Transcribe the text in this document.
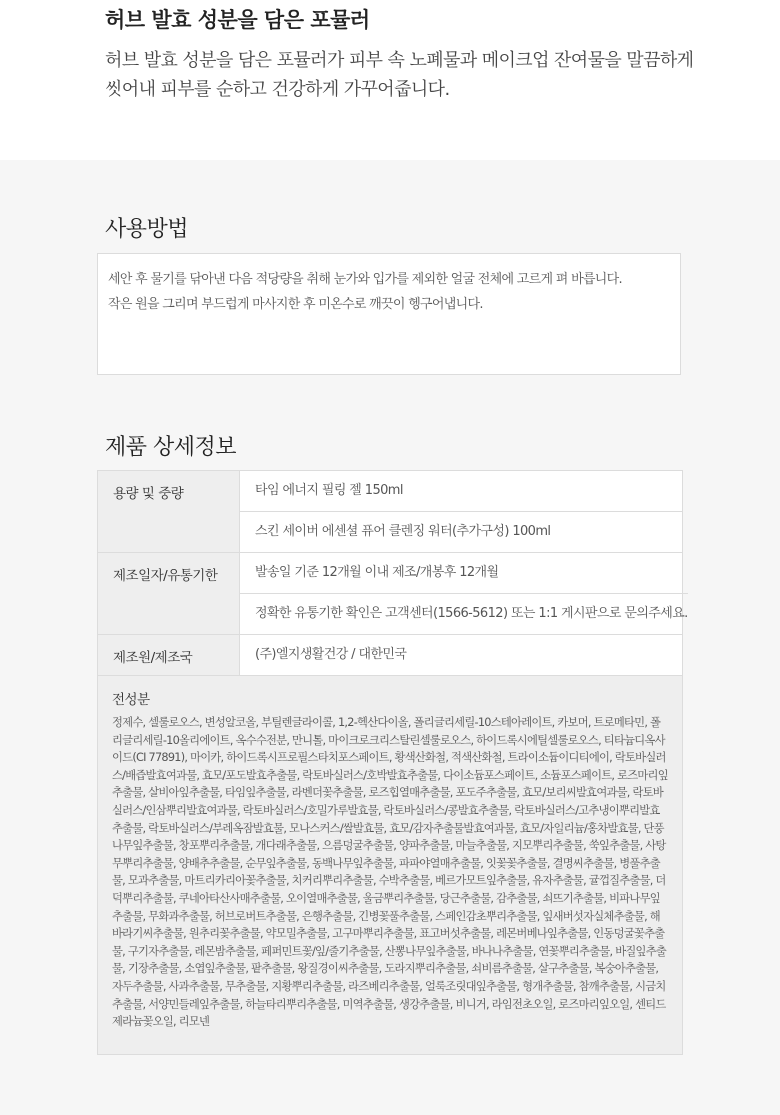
허브 발효 성분을 담은 포뮬러

허브 발효 성분을 담은 포뮬러가 피부 속 노폐물과 메이크업 잔여물을 말끔하게 씻어내 피부를 순하고 건강하게 가꾸어줍니다.

사용방법

세안 후 물기를 닦아낸 다음 적당량을 취해 눈가와 입가를 제외한 얼굴 전체에 고르게 펴 바릅니다.

작은 원을 그리며 부드럽게 마사지한 후 미온수로 깨끗이 헹구어냅니다.

제품 상세정보
용량 및 중량	타임 에너지 필링 젤 150ml
스킨 세이버 에센셜 퓨어 클렌징 워터(추가구성) 100ml
제조일자/유통기한	발송일 기준 12개월 이내 제조/개봉후 12개월
정확한 유통기한 확인은 고객센터(1566-5612) 또는 1:1 게시판으로 문의주세요.
제조원/제조국	(주)엘지생활건강 / 대한민국
전성분
정제수, 셀룰로오스, 변성알코올, 부틸렌글라이콜, 1,2-헥산다이올, 폴리글리세릴-10스테아레이트, 카보머, 트로메타민, 폴리글리세릴-10올리에이트, 옥수수전분, 만니톨, 마이크로크리스탈린셀룰로오스, 하이드록시에틸셀룰로오스, 티타늄디옥사이드(CI 77891), 마이카, 하이드록시프로필스타치포스페이트, 황색산화철, 적색산화철, 트라이소듐이디티에이, 락토바실러스/배즙발효여과물, 효모/포도발효추출물, 락토바실러스/호박발효추출물, 다이소듐포스페이트, 소듐포스페이트, 로즈마리잎추출물, 살비아잎추출물, 타임잎추출물, 라벤더꽃추출물, 로즈힙열매추출물, 포도주추출물, 효모/보리씨발효여과물, 락토바실러스/인삼뿌리발효여과물, 락토바실러스/호밀가루발효물, 락토바실러스/콩발효추출물, 락토바실러스/고추냉이뿌리발효추출물, 락토바실러스/부레옥잠발효물, 모나스커스/쌀발효물, 효모/감자추출물발효여과물, 효모/자일리늄/홍차발효물, 단풍나무잎추출물, 창포뿌리추출물, 개다래추출물, 으름덩굴추출물, 양파추출물, 마늘추출물, 지모뿌리추출물, 쑥잎추출물, 사탕무뿌리추출물, 양배추추출물, 순무잎추출물, 동백나무잎추출물, 파파야열매추출물, 잇꽃꽃추출물, 결명씨추출물, 병풀추출물, 모과추출물, 마트리카리아꽃추출물, 치커리뿌리추출물, 수박추출물, 베르가모트잎추출물, 유자추출물, 귤껍질추출물, 더덕뿌리추출물, 쿠네아타산사매추출물, 오이열매추출물, 울금뿌리추출물, 당근추출물, 감추출물, 쇠뜨기추출물, 비파나무잎추출물, 무화과추출물, 허브로버트추출물, 은행추출물, 긴병꽃풀추출물, 스페인감초뿌리추출물, 잎새버섯자실체추출물, 해바라기씨추출물, 원추리꽃추출물, 약모밀추출물, 고구마뿌리추출물, 표고버섯추출물, 레몬버베나잎추출물, 인동덩굴꽃추출물, 구기자추출물, 레몬밤추출물, 페퍼민트꽃/잎/줄기추출물, 산뽕나무잎추출물, 바나나추출물, 연꽃뿌리추출물, 바질잎추출물, 기장추출물, 소엽잎추출물, 팥추출물, 왕질경이씨추출물, 도라지뿌리추출물, 쇠비름추출물, 살구추출물, 복숭아추출물, 자두추출물, 사과추출물, 무추출물, 지황뿌리추출물, 라즈베리추출물, 얼룩조릿대잎추출물, 형개추출물, 참깨추출물, 시금치추출물, 서양민들레잎추출물, 하늘타리뿌리추출물, 미역추출물, 생강추출물, 비니거, 라임전초오일, 로즈마리잎오일, 센티드제라늄꽃오일, 리모넨
